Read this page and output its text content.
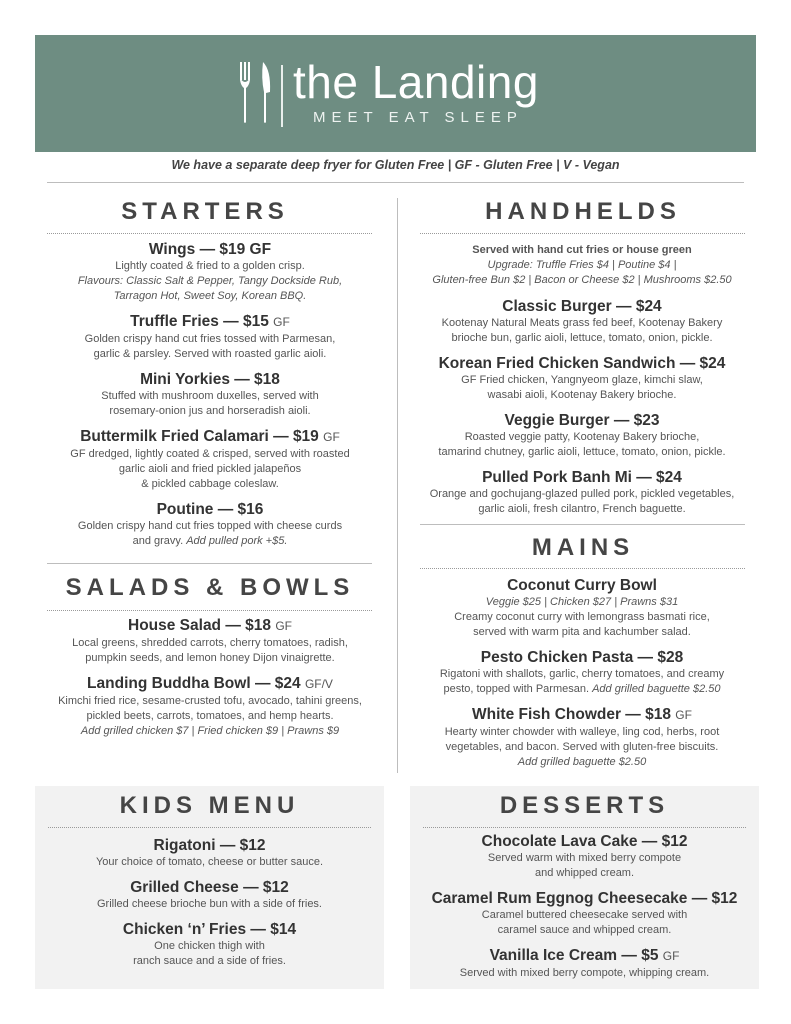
the Landing
MEET EAT SLEEP
We have a separate deep fryer for Gluten Free | GF - Gluten Free | V - Vegan
STARTERS
Wings — $19 GF
Lightly coated & fried to a golden crisp.
Flavours: Classic Salt & Pepper, Tangy Dockside Rub,
Tarragon Hot, Sweet Soy, Korean BBQ.
Truffle Fries — $15 GF
Golden crispy hand cut fries tossed with Parmesan,
garlic & parsley. Served with roasted garlic aioli.
Mini Yorkies — $18
Stuffed with mushroom duxelles, served with
rosemary-onion jus and horseradish aioli.
Buttermilk Fried Calamari — $19 GF
GF dredged, lightly coated & crisped, served with roasted
garlic aioli and fried pickled jalapeños
& pickled cabbage coleslaw.
Poutine — $16
Golden crispy hand cut fries topped with cheese curds
and gravy. Add pulled pork +$5.
SALADS & BOWLS
House Salad — $18 GF
Local greens, shredded carrots, cherry tomatoes, radish,
pumpkin seeds, and lemon honey Dijon vinaigrette.
Landing Buddha Bowl — $24 GF/V
Kimchi fried rice, sesame-crusted tofu, avocado, tahini greens,
pickled beets, carrots, tomatoes, and hemp hearts.
Add grilled chicken $7 | Fried chicken $9 | Prawns $9
HANDHELDS
Served with hand cut fries or house green
Upgrade: Truffle Fries $4 | Poutine $4 |
Gluten-free Bun $2 | Bacon or Cheese $2 | Mushrooms $2.50
Classic Burger — $24
Kootenay Natural Meats grass fed beef, Kootenay Bakery
brioche bun, garlic aioli, lettuce, tomato, onion, pickle.
Korean Fried Chicken Sandwich — $24
GF Fried chicken, Yangnyeom glaze, kimchi slaw,
wasabi aioli, Kootenay Bakery brioche.
Veggie Burger — $23
Roasted veggie patty, Kootenay Bakery brioche,
tamarind chutney, garlic aioli, lettuce, tomato, onion, pickle.
Pulled Pork Banh Mi — $24
Orange and gochujang-glazed pulled pork, pickled vegetables,
garlic aioli, fresh cilantro, French baguette.
MAINS
Coconut Curry Bowl
Veggie $25 | Chicken $27 | Prawns $31
Creamy coconut curry with lemongrass basmati rice,
served with warm pita and kachumber salad.
Pesto Chicken Pasta — $28
Rigatoni with shallots, garlic, cherry tomatoes, and creamy
pesto, topped with Parmesan. Add grilled baguette $2.50
White Fish Chowder — $18 GF
Hearty winter chowder with walleye, ling cod, herbs, root
vegetables, and bacon. Served with gluten-free biscuits.
Add grilled baguette $2.50
KIDS MENU
Rigatoni — $12
Your choice of tomato, cheese or butter sauce.
Grilled Cheese — $12
Grilled cheese brioche bun with a side of fries.
Chicken ‘n’ Fries — $14
One chicken thigh with
ranch sauce and a side of fries.
DESSERTS
Chocolate Lava Cake — $12
Served warm with mixed berry compote
and whipped cream.
Caramel Rum Eggnog Cheesecake — $12
Caramel buttered cheesecake served with
caramel sauce and whipped cream.
Vanilla Ice Cream — $5 GF
Served with mixed berry compote, whipping cream.
